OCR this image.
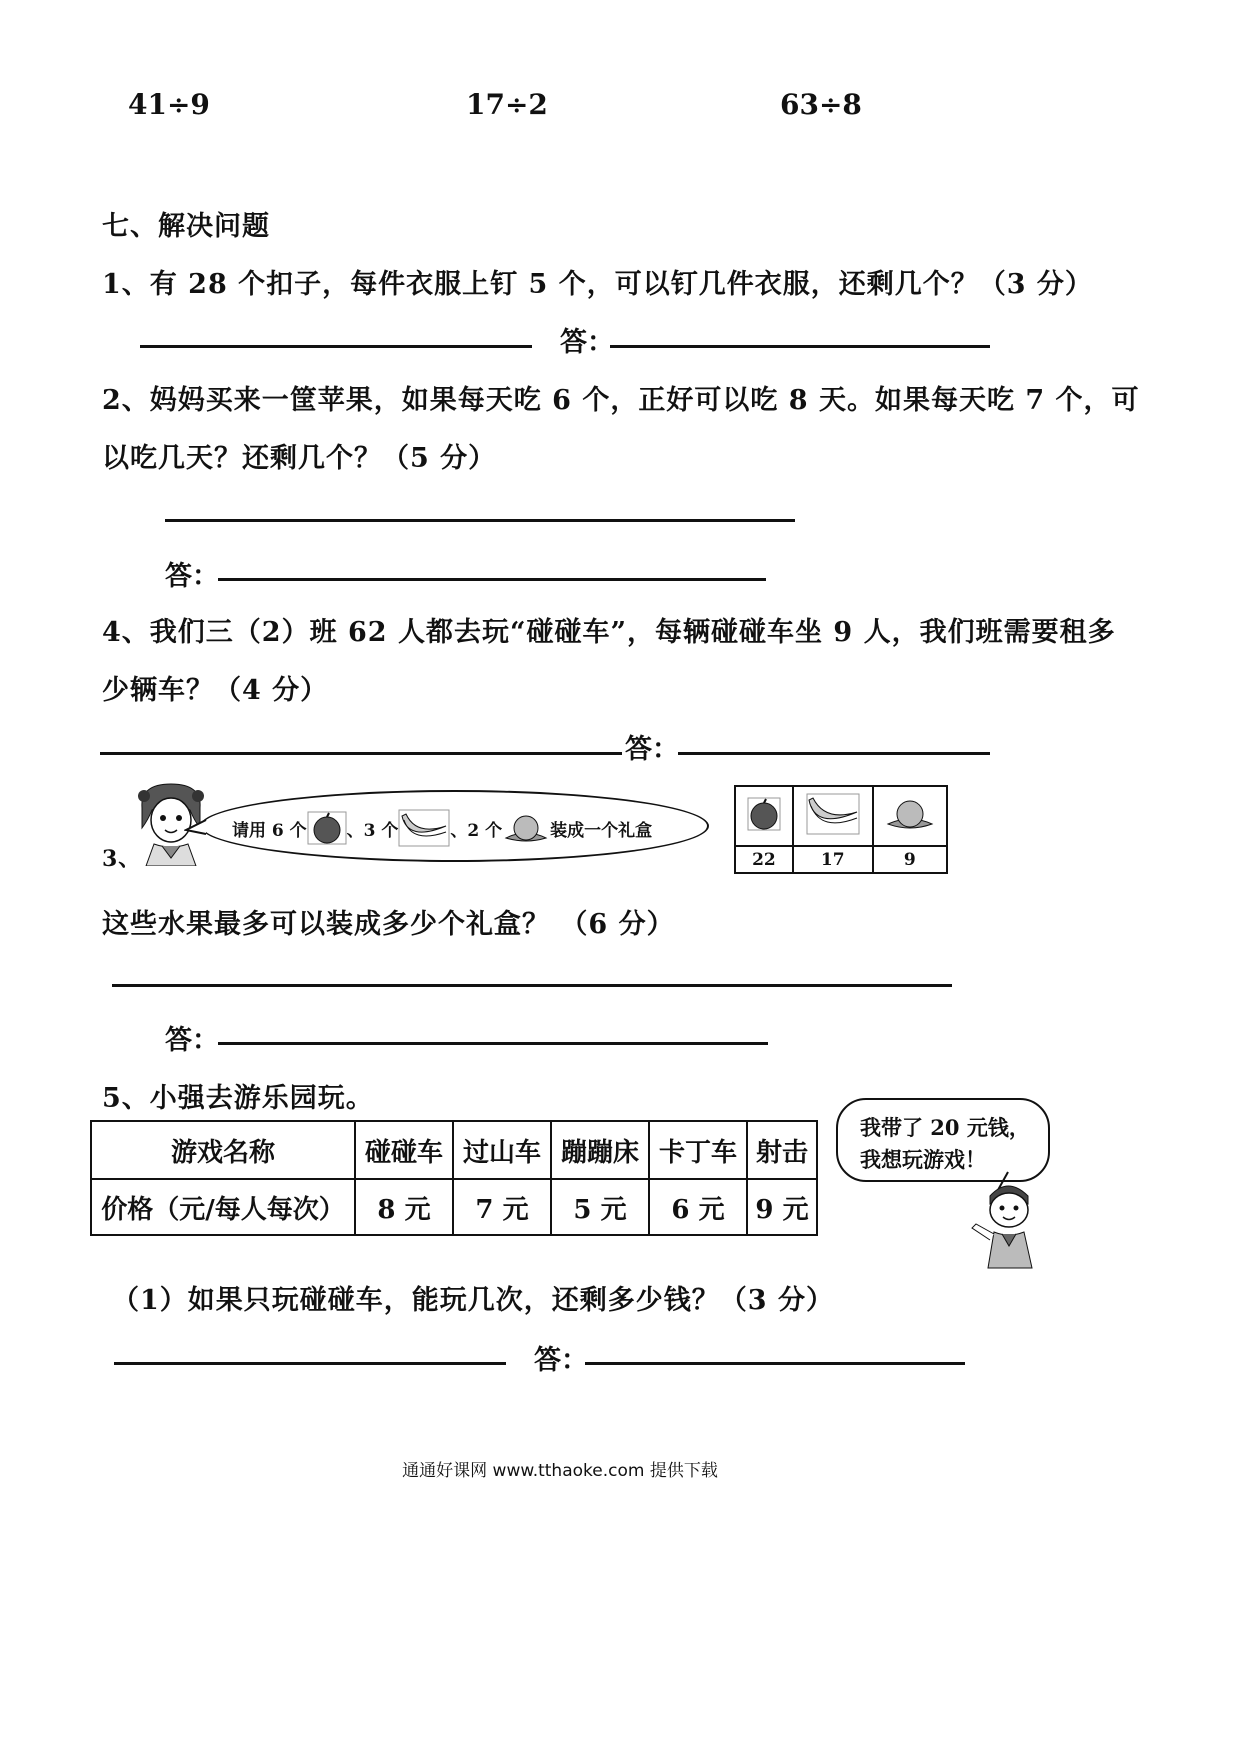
41÷9	17÷2	63÷8
七、解决问题
1、有 28 个扣子，每件衣服上钉 5 个，可以钉几件衣服，还剩几个？（3 分）
答：
2、妈妈买来一筐苹果，如果每天吃 6 个，正好可以吃 8 天。如果每天吃 7 个，可
以吃几天？还剩几个？（5 分）
答：
4、我们三（2）班 62 人都去玩“碰碰车”，每辆碰碰车坐 9 人，我们班需要租多
少辆车？（4 分）
答：
3、
请用 6 个 、3 个	、2 个	装成一个礼盒

22	17	9
这些水果最多可以装成多少个礼盒？ （6 分）
答：
5、小强去游乐园玩。
游戏名称	碰碰车	过山车	蹦蹦床	卡丁车	射击
价格（元/每人每次）	8 元	7 元	5 元	6 元	9 元
我带了 20 元钱，
我想玩游戏！
（1）如果只玩碰碰车，能玩几次，还剩多少钱？（3 分）
答：
通通好课网 www.tthaoke.com 提供下载
